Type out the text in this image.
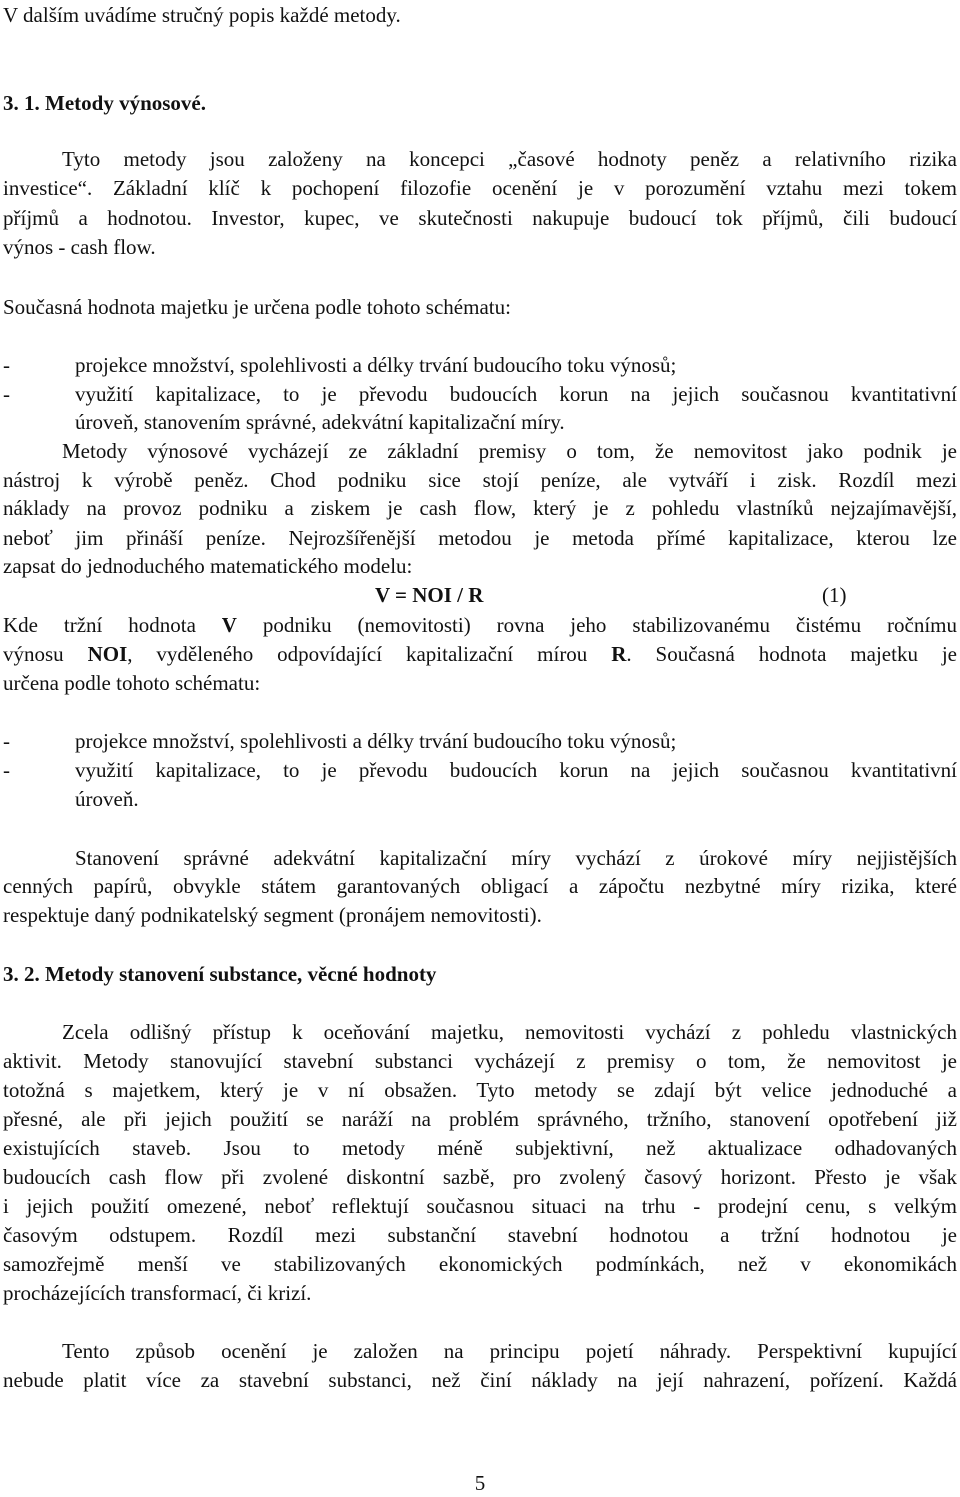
V dalším uvádíme stručný popis každé metody.

3. 1. Metody výnosové.

Tyto metody jsou založeny na koncepci „časové hodnoty peněz a relativního rizika

investice“. Základní klíč k pochopení filozofie ocenění je v porozumění vztahu mezi tokem

příjmů a hodnotou. Investor, kupec, ve skutečnosti nakupuje budoucí tok příjmů, čili budoucí

výnos - cash flow.

Současná hodnota majetku je určena podle tohoto schématu:

-	projekce množství, spolehlivosti a délky trvání budoucího toku výnosů;

-	využití kapitalizace, to je převodu budoucích korun na jejich současnou kvantitativní

úroveň, stanovením správné, adekvátní kapitalizační míry.

Metody výnosové vycházejí ze základní premisy o tom, že nemovitost jako podnik je

nástroj k výrobě peněz. Chod podniku sice stojí peníze, ale vytváří i zisk. Rozdíl mezi

náklady na provoz podniku a ziskem je cash flow, který je z pohledu vlastníků nejzajímavější,

neboť jim přináší peníze. Nejrozšířenější metodou je metoda přímé kapitalizace, kterou lze

zapsat do jednoduchého matematického modelu:

V = NOI / R	(1)

Kde tržní hodnota V podniku (nemovitosti) rovna jeho stabilizovanému čistému ročnímu

výnosu NOI, vyděleného odpovídající kapitalizační mírou R. Současná hodnota majetku je

určena podle tohoto schématu:

-	projekce množství, spolehlivosti a délky trvání budoucího toku výnosů;

-	využití kapitalizace, to je převodu budoucích korun na jejich současnou kvantitativní

úroveň.

Stanovení správné adekvátní kapitalizační míry vychází z úrokové míry nejjistějších

cenných papírů, obvykle státem garantovaných obligací a zápočtu nezbytné míry rizika, které

respektuje daný podnikatelský segment (pronájem nemovitosti).

3. 2. Metody stanovení substance, věcné hodnoty

Zcela odlišný přístup k oceňování majetku, nemovitosti vychází z pohledu vlastnických

aktivit. Metody stanovující stavební substanci vycházejí z premisy o tom, že nemovitost je

totožná s majetkem, který je v ní obsažen. Tyto metody se zdají být velice jednoduché a

přesné, ale při jejich použití se naráží na problém správného, tržního, stanovení opotřebení již

existujících staveb. Jsou to metody méně subjektivní, než aktualizace odhadovaných

budoucích cash flow při zvolené diskontní sazbě, pro zvolený časový horizont. Přesto je však

i jejich použití omezené, neboť reflektují současnou situaci na trhu - prodejní cenu, s velkým

časovým odstupem. Rozdíl mezi substanční stavební hodnotou a tržní hodnotou je

samozřejmě menší ve stabilizovaných ekonomických podmínkách, než v ekonomikách

procházejících transformací, či krizí.

Tento způsob ocenění je založen na principu pojetí náhrady. Perspektivní kupující

nebude platit více za stavební substanci, než činí náklady na její nahrazení, pořízení. Každá

5
